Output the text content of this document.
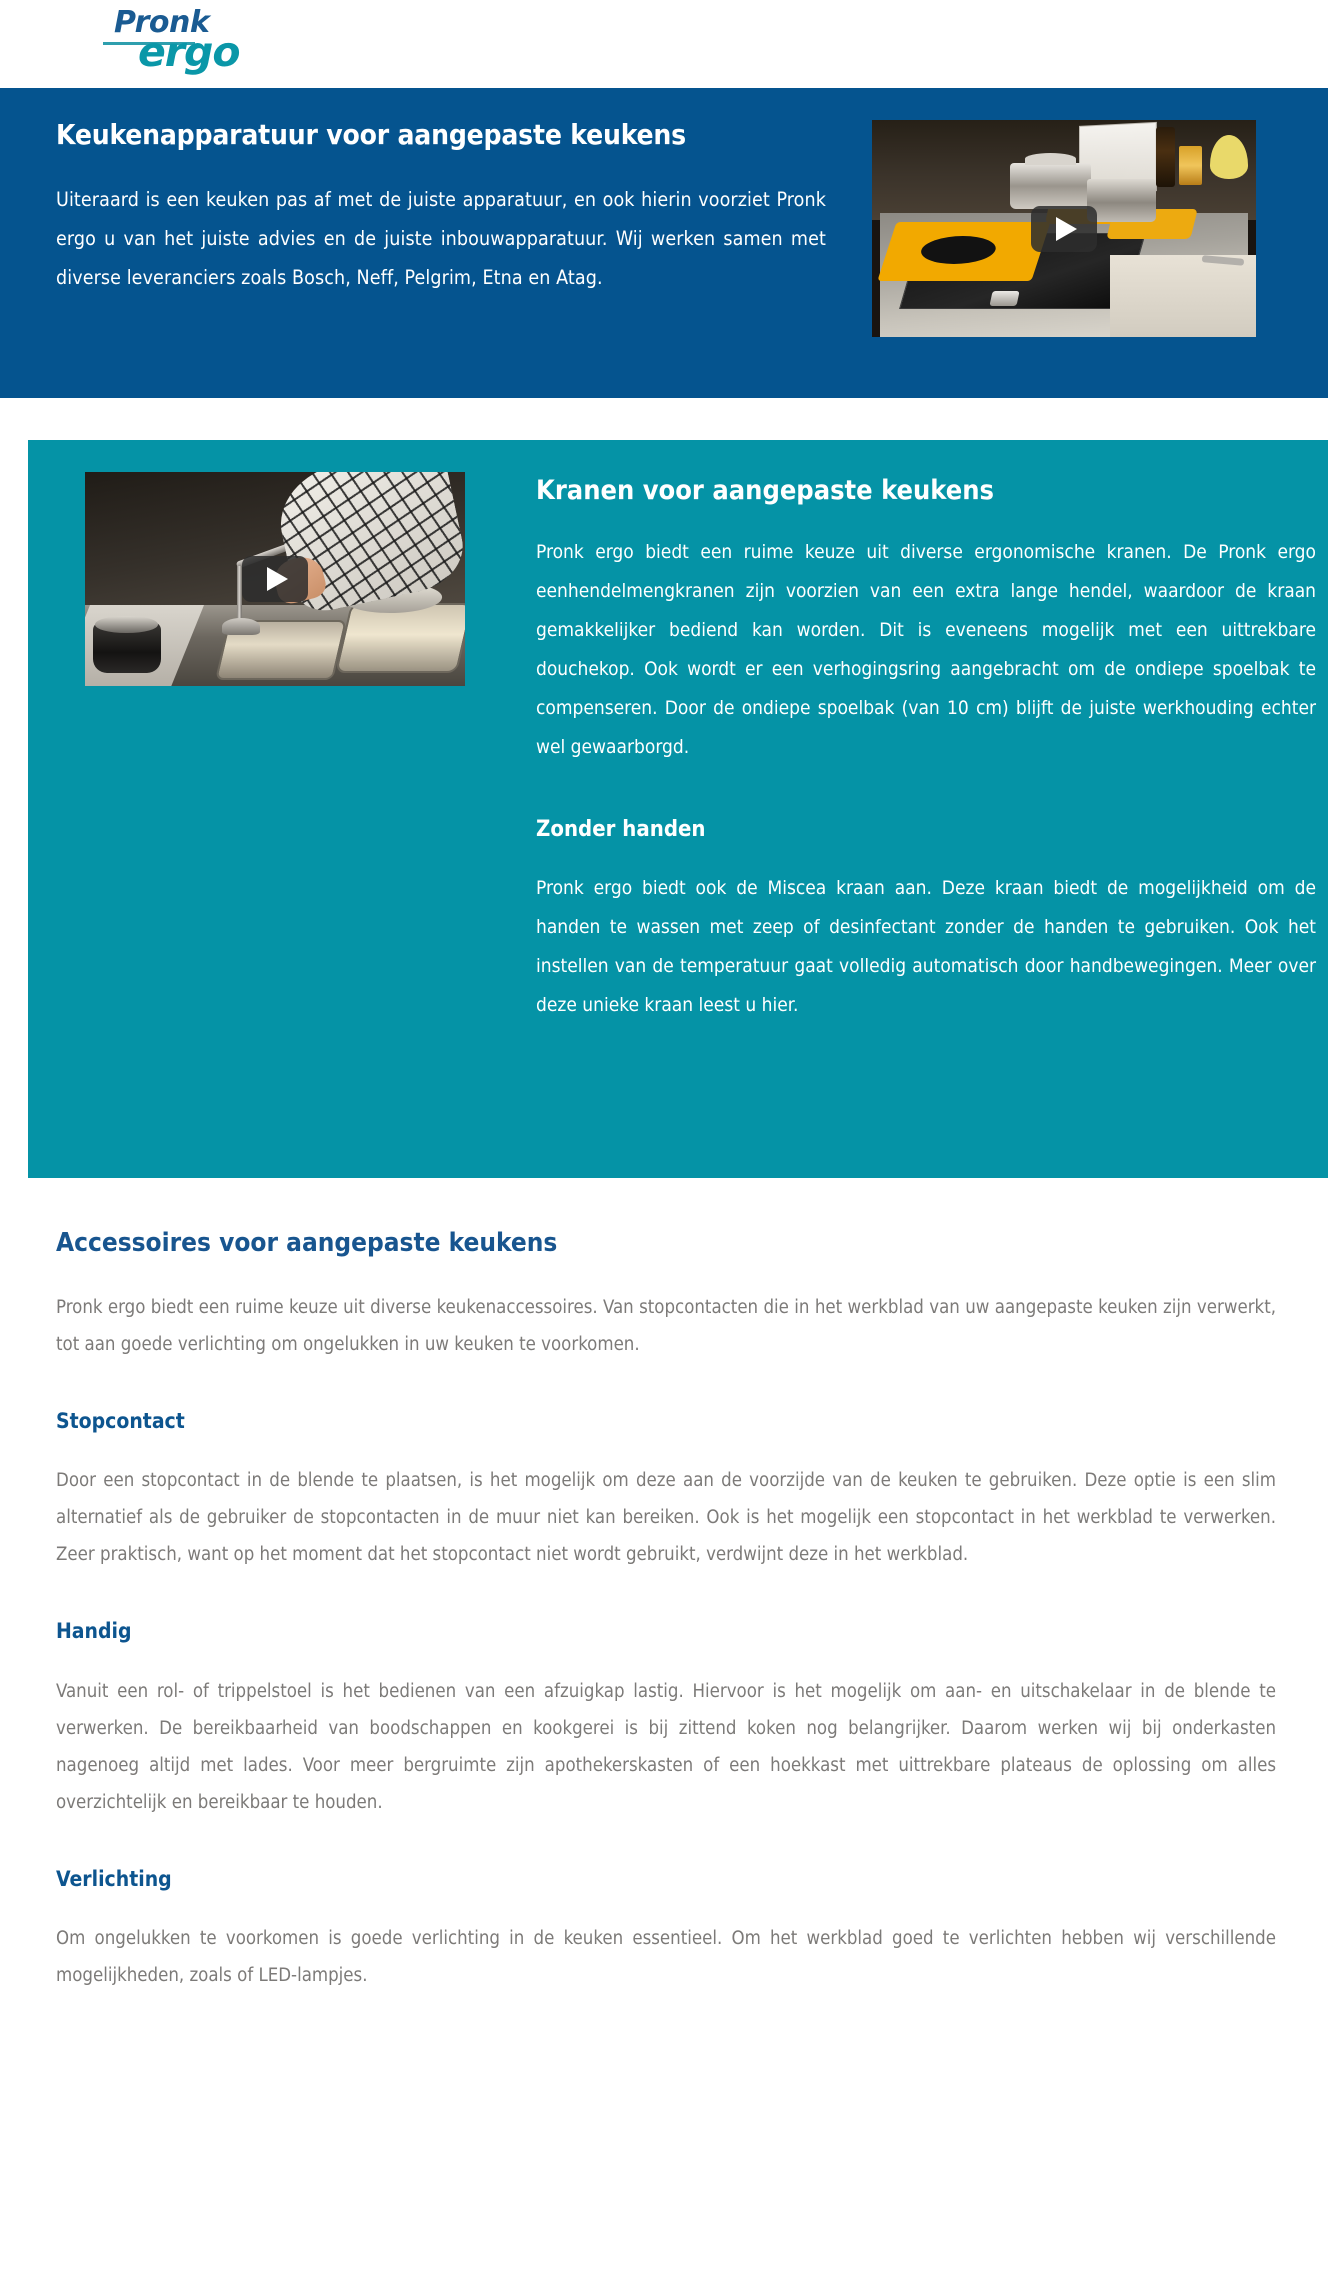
Pronk
ergo
Keukenapparatuur voor aangepaste keukens

Uiteraard is een keuken pas af met de juiste apparatuur, en ook hierin voorziet Pronk ergo u van het juiste advies en de juiste inbouwapparatuur. Wij werken samen met diverse leveranciers zoals Bosch, Neff, Pelgrim, Etna en Atag.

Kranen voor aangepaste keukens

Pronk ergo biedt een ruime keuze uit diverse ergonomische kranen. De Pronk ergo eenhendelmengkranen zijn voorzien van een extra lange hendel, waardoor de kraan gemakkelijker bediend kan worden. Dit is eveneens mogelijk met een uittrekbare douchekop. Ook wordt er een verhogingsring aangebracht om de ondiepe spoelbak te compenseren. Door de ondiepe spoelbak (van 10 cm) blijft de juiste werkhouding echter wel gewaarborgd.

Zonder handen

Pronk ergo biedt ook de Miscea kraan aan. Deze kraan biedt de mogelijkheid om de handen te wassen met zeep of desinfectant zonder de handen te gebruiken. Ook het instellen van de temperatuur gaat volledig automatisch door handbewegingen. Meer over deze unieke kraan leest u hier.

Accessoires voor aangepaste keukens

Pronk ergo biedt een ruime keuze uit diverse keukenaccessoires. Van stopcontacten die in het werkblad van uw aangepaste keuken zijn verwerkt, tot aan goede verlichting om ongelukken in uw keuken te voorkomen.

Stopcontact

Door een stopcontact in de blende te plaatsen, is het mogelijk om deze aan de voorzijde van de keuken te gebruiken. Deze optie is een slim alternatief als de gebruiker de stopcontacten in de muur niet kan bereiken. Ook is het mogelijk een stopcontact in het werkblad te verwerken. Zeer praktisch, want op het moment dat het stopcontact niet wordt gebruikt, verdwijnt deze in het werkblad.

Handig

Vanuit een rol- of trippelstoel is het bedienen van een afzuigkap lastig. Hiervoor is het mogelijk om aan- en uitschakelaar in de blende te verwerken. De bereikbaarheid van boodschappen en kookgerei is bij zittend koken nog belangrijker. Daarom werken wij bij onderkasten nagenoeg altijd met lades. Voor meer bergruimte zijn apothekerskasten of een hoekkast met uittrekbare plateaus de oplossing om alles overzichtelijk en bereikbaar te houden.

Verlichting

Om ongelukken te voorkomen is goede verlichting in de keuken essentieel. Om het werkblad goed te verlichten hebben wij verschillende mogelijkheden, zoals of LED-lampjes.
